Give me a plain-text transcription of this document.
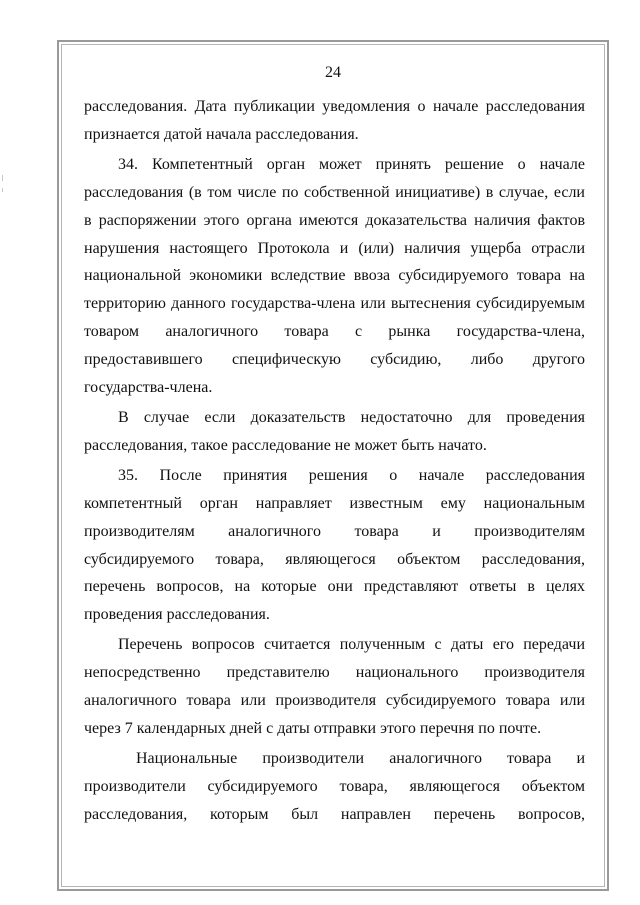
24

расследования. Дата публикации уведомления о начале расследования

признается датой начала расследования.

34. Компетентный орган может принять решение о начале

расследования (в том числе по собственной инициативе) в случае, если

в распоряжении этого органа имеются доказательства наличия фактов

нарушения настоящего Протокола и (или) наличия ущерба отрасли

национальной экономики вследствие ввоза субсидируемого товара на

территорию данного государства-члена или вытеснения субсидируемым

товаром аналогичного товара с рынка государства-члена,

предоставившего специфическую субсидию, либо другого

государства-члена.

В случае если доказательств недостаточно для проведения

расследования, такое расследование не может быть начато.

35. После принятия решения о начале расследования

компетентный орган направляет известным ему национальным

производителям аналогичного товара и производителям

субсидируемого товара, являющегося объектом расследования,

перечень вопросов, на которые они представляют ответы в целях

проведения расследования.

Перечень вопросов считается полученным с даты его передачи

непосредственно представителю национального производителя

аналогичного товара или производителя субсидируемого товара или

через 7 календарных дней с даты отправки этого перечня по почте.

Национальные производители аналогичного товара и

производители субсидируемого товара, являющегося объектом

расследования, которым был направлен перечень вопросов,
